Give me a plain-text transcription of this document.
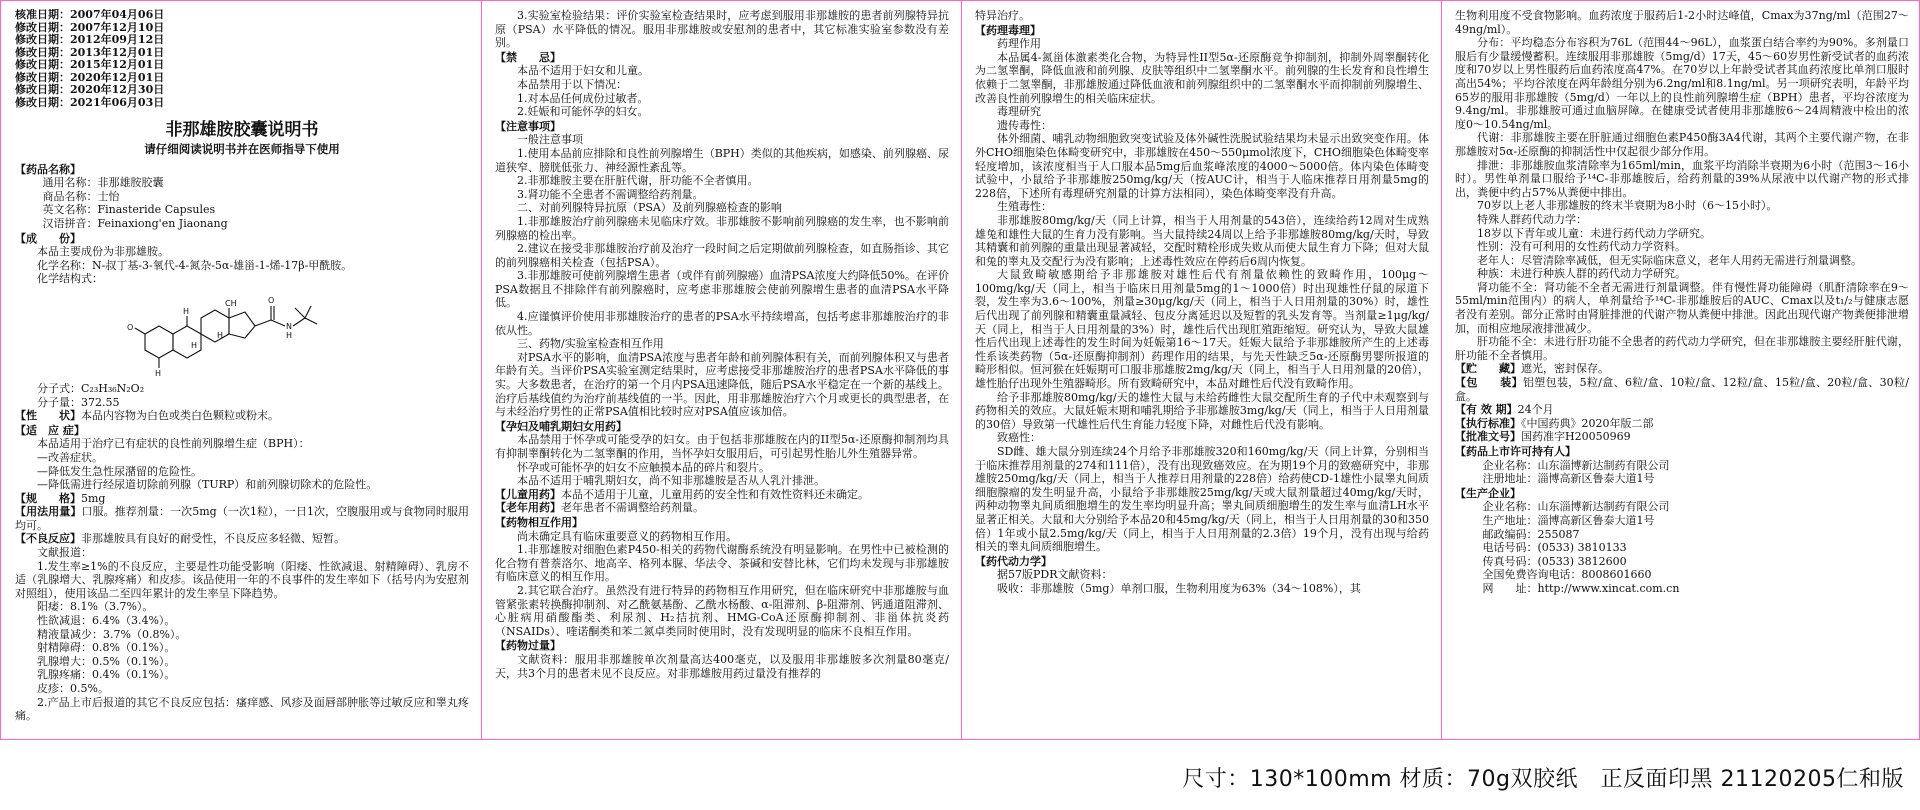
核准日期：2007年04月06日

修改日期：2007年12月10日

修改日期：2012年09月12日

修改日期：2013年12月01日

修改日期：2015年12月01日

修改日期：2020年12月01日

修改日期：2020年12月30日

修改日期：2021年06月03日

非那雄胺胶囊说明书

请仔细阅读说明书并在医师指导下使用

【 药品名称 】

通用名称：非那雄胺胶囊

商品名称：士怡

英文名称：Finasteride Capsules

汉语拼音：Feinaxiong'en Jiaonang

【 成　　份 】

本品主要成份为非那雄胺。

化学名称：N-叔丁基-3-氧代-4-氮杂-5α-雄甾-1-烯-17β-甲酰胺。

化学结构式：

O
H
O
N
H
H
H
H
CH

分子式：C₂₃H₃₆N₂O₂

分子量：372.55

【 性　　状 】 本品内容物为白色或类白色颗粒或粉末。

【 适　应 症 】

本品适用于治疗已有症状的良性前列腺增生症（BPH）：

—改善症状。

—降低发生急性尿潴留的危险性。

—降低需进行经尿道切除前列腺（TURP）和前列腺切除术的危险性。

【 规　　格 】 5mg

【 用法用量 】 口服。推荐剂量：一次5mg（一次1粒），一日1次，空腹服用或与食物同时服用均可。

【 不良反应 】 非那雄胺具有良好的耐受性，不良反应多轻微、短暂。

文献报道：

1.发生率≥1%的不良反应，主要是性功能受影响（阳痿、性欲减退、射精障碍）、乳房不适（乳腺增大、乳腺疼痛）和皮疹。该品使用一年的不良事件的发生率如下（括号内为安慰剂对照组），使用该品二至四年累计的发生率呈下降趋势。

阳痿：8.1%（3.7%）。

性欲减退：6.4%（3.4%）。

精液量减少：3.7%（0.8%）。

射精障碍：0.8%（0.1%）。

乳腺增大：0.5%（0.1%）。

乳腺疼痛：0.4%（0.1%）。

皮疹：0.5%。

2.产品上市后报道的其它不良反应包括：瘙痒感、风疹及面唇部肿胀等过敏反应和睾丸疼痛。

3.实验室检验结果：评价实验室检查结果时，应考虑到服用非那雄胺的患者前列腺特异抗原（PSA）水平降低的情况。服用非那雄胺或安慰剂的患者中，其它标准实验室参数没有差别。

【 禁　　忌 】

本品不适用于妇女和儿童。

本品禁用于以下情况：

1.对本品任何成份过敏者。

2.妊娠和可能怀孕的妇女。

【 注意事项 】

一般注意事项

1.使用本品前应排除和良性前列腺增生（BPH）类似的其他疾病，如感染、前列腺癌、尿道狭窄、膀胱低张力、神经源性紊乱等。

2.非那雄胺主要在肝脏代谢，肝功能不全者慎用。

3.肾功能不全患者不需调整给药剂量。

二、对前列腺特异抗原（PSA）及前列腺癌检查的影响

1.非那雄胺治疗前列腺癌未见临床疗效。非那雄胺不影响前列腺癌的发生率，也不影响前列腺癌的检出率。

2.建议在接受非那雄胺治疗前及治疗一段时间之后定期做前列腺检查，如直肠指诊、其它的前列腺癌相关检查（包括PSA）。

3.非那雄胺可使前列腺增生患者（或伴有前列腺癌）血清PSA浓度大约降低50%。在评价PSA数据且不排除伴有前列腺癌时，应考虑非那雄胺会使前列腺增生患者的血清PSA水平降低。

4.应谨慎评价使用非那雄胺治疗的患者的PSA水平持续增高，包括考虑非那雄胺治疗的非依从性。

三、药物/实验室检查相互作用

对PSA水平的影响，血清PSA浓度与患者年龄和前列腺体积有关，而前列腺体积又与患者年龄有关。当评价PSA实验室测定结果时，应考虑接受非那雄胺治疗的患者PSA水平降低的事实。大多数患者，在治疗的第一个月内PSA迅速降低，随后PSA水平稳定在一个新的基线上。治疗后基线值约为治疗前基线值的一半。因此，用非那雄胺治疗六个月或更长的典型患者，在与未经治疗男性的正常PSA值相比较时应对PSA值应该加倍。

【 孕妇及哺乳期妇女用药 】

本品禁用于怀孕或可能受孕的妇女。由于包括非那雄胺在内的II型5α-还原酶抑制剂均具有抑制睾酮转化为二氢睾酮的作用，当怀孕妇女服用后，可引起男性胎儿外生殖器异常。

怀孕或可能怀孕的妇女不应触摸本品的碎片和裂片。

本品不适用于哺乳期妇女，尚不知非那雄胺是否从人乳汁排泄。

【 儿童用药 】 本品不适用于儿童，儿童用药的安全性和有效性资料还未确定。

【 老年用药 】 老年患者不需调整给药剂量。

【 药物相互作用 】

尚未确定具有临床重要意义的药物相互作用。

1.非那雄胺对细胞色素P450-相关的药物代谢酶系统没有明显影响。在男性中已被检测的化合物有普萘洛尔、地高辛、格列本脲、华法令、茶碱和安替比林，它们均未发现与非那雄胺有临床意义的相互作用。

2.其它联合治疗。虽然没有进行特异的药物相互作用研究，但在临床研究中非那雄胺与血管紧张素转换酶抑制剂、对乙酰氨基酚、乙酰水杨酸、α-阻滞剂、β-阻滞剂、钙通道阻滞剂、心脏病用硝酸酯类、利尿剂、H₂拮抗剂、HMG-CoA还原酶抑制剂、非甾体抗炎药（NSAIDs）、喹诺酮类和苯二氮卓类同时使用时，没有发现明显的临床不良相互作用。

【 药物过量 】

文献资料：服用非那雄胺单次剂量高达400毫克，以及服用非那雄胺多次剂量80毫克/天，共3个月的患者未见不良反应。对非那雄胺用药过量没有推荐的

特异治疗。

【 药理毒理 】

药理作用

本品属4-氮甾体激素类化合物，为特异性II型5α-还原酶竞争抑制剂，抑制外周睾酮转化为二氢睾酮，降低血液和前列腺、皮肤等组织中二氢睾酮水平。前列腺的生长发育和良性增生依赖于二氢睾酮，非那雄胺通过降低血液和前列腺组织中的二氢睾酮水平而抑制前列腺增生、改善良性前列腺增生的相关临床症状。

毒理研究

遗传毒性：

体外细菌、哺乳动物细胞致突变试验及体外碱性洗脱试验结果均未显示出致突变作用。体外CHO细胞染色体畸变研究中，非那雄胺在450～550μmol浓度下，CHO细胞染色体畸变率轻度增加，该浓度相当于人口服本品5mg后血浆峰浓度的4000～5000倍。体内染色体畸变试验中，小鼠给予非那雄胺250mg/kg/天（按AUC计，相当于人临床推荐日用剂量5mg的228倍，下述所有毒理研究剂量的计算方法相同），染色体畸变率没有升高。

生殖毒性：

非那雄胺80mg/kg/天（同上计算，相当于人用剂量的543倍），连续给药12周对生成熟雄兔和雄性大鼠的生育力没有影响。当大鼠持续24周以上给予非那雄胺80mg/kg/天时，导致其精囊和前列腺的重量出现显著减轻，交配时精栓形成失败从而使大鼠生育力下降；但对大鼠和兔的睾丸及交配行为没有影响；上述毒性效应在停药后6周内恢复。

大鼠致畸敏感期给予非那雄胺对雄性后代有剂量依赖性的致畸作用，100μg～100mg/kg/天（同上，相当于临床日用剂量5mg的1～1000倍）时出现雄性仔鼠的尿道下裂，发生率为3.6～100%，剂量≥30μg/kg/天（同上，相当于人日用剂量的30%）时，雄性后代出现了前列腺和精囊重量减轻、包皮分离延迟以及短暂的乳头发育等。当剂量≥1μg/kg/天（同上，相当于人日用剂量的3%）时，雄性后代出现肛殖距缩短。研究认为，导致大鼠雄性后代出现上述毒性的发生时间为妊娠第16～17天。妊娠大鼠给予非那雄胺所产生的上述毒性系该类药物（5α-还原酶抑制剂）药理作用的结果，与先天性缺乏5α-还原酶男婴所报道的畸形相似。恒河猴在妊娠期可口服非那雄胺2mg/kg/天（同上，相当于人日用剂量的20倍），雄性胎仔出现外生殖器畸形。所有致畸研究中，本品对雌性后代没有致畸作用。

给予非那雄胺80mg/kg/天的雄性大鼠与未给药雌性大鼠交配所生育的子代中未观察到与药物相关的效应。大鼠妊娠末期和哺乳期给予非那雄胺3mg/kg/天（同上，相当于人日用剂量的30倍）导致第一代雄性后代生育能力轻度下降，对雌性后代没有影响。

致癌性：

SD雌、雄大鼠分别连续24个月给予非那雄胺320和160mg/kg/天（同上计算，分别相当于临床推荐用剂量的274和111倍），没有出现致癌效应。在为期19个月的致癌研究中，非那雄胺250mg/kg/天（同上，相当于人推荐日用剂量的228倍）给药使CD-1雄性小鼠睾丸间质细胞腺瘤的发生明显升高，小鼠给予非那雄胺25mg/kg/天或大鼠剂量超过40mg/kg/天时，两种动物睾丸间质细胞增生的发生率均明显升高；睾丸间质细胞增生的发生率与血清LH水平显著正相关。大鼠和大分别给予本品20和45mg/kg/天（同上，相当于人日用剂量的30和350倍）1年或小鼠2.5mg/kg/天（同上，相当于人日用剂量的2.3倍）19个月，没有出现与给药相关的睾丸间质细胞增生。

【 药代动力学 】

据57版PDR文献资料：

吸收：非那雄胺（5mg）单剂口服，生物利用度为63%（34～108%），其

生物利用度不受食物影响。血药浓度于服药后1-2小时达峰值，Cmax为37ng/ml（范围27～49ng/ml）。

分布：平均稳态分布容积为76L（范围44～96L），血浆蛋白结合率约为90%。多剂量口服后有少量缓慢蓄积。连续服用非那雄胺（5mg/d）17天，45～60岁男性新受试者的血药浓度和70岁以上男性服药后血药浓度高47%。在70岁以上年龄受试者其血药浓度比单剂口服时高出54%；平均谷浓度在两年龄组分别为6.2ng/ml和8.1ng/ml。另一项研究表明，年龄平均65岁的服用非那雄胺（5mg/d）一年以上的良性前列腺增生症（BPH）患者，平均谷浓度为9.4ng/ml。非那雄胺可通过血脑屏障。在健康受试者使用非那雄胺6～24周精液中检出的浓度0～10.54ng/ml。

代谢：非那雄胺主要在肝脏通过细胞色素P450酶3A4代谢，其两个主要代谢产物，在非那雄胺对5α-还原酶的抑制活性中仅起很少部分作用。

排泄：非那雄胺血浆清除率为165ml/min，血浆平均消除半衰期为6小时（范围3～16小时）。男性单剂量口服给予¹⁴C-非那雄胺后，给药剂量的39%从尿液中以代谢产物的形式排出，粪便中约占57%从粪便中排出。

70岁以上老人非那雄胺的终末半衰期为8小时（6～15小时）。

特殊人群药代动力学：

18岁以下青年或儿童：未进行药代动力学研究。

性别：没有可利用的女性药代动力学资料。

老年人：尽管清除率减低，但无实际临床意义，老年人用药无需进行剂量调整。

种族：未进行种族人群的药代动力学研究。

肾功能不全：肾功能不全者无需进行剂量调整。伴有慢性肾功能障碍（肌酐清除率在9～55ml/min范围内）的病人，单剂量给予¹⁴C-非那雄胺后的AUC、Cmax以及t₁/₂与健康志愿者没有差别。部分正常时由肾脏排泄的代谢产物从粪便中排泄。因此出现代谢产物粪便排泄增加，而相应地尿液排泄减少。

肝功能不全：未进行肝功能不全患者的药代动力学研究，但在非那雄胺主要经肝脏代谢，肝功能不全者慎用。

【 贮　　藏 】 遮光，密封保存。

【 包　　装 】 铝塑包装，5粒/盒、6粒/盒、10粒/盒、12粒/盒、15粒/盒、20粒/盒、30粒/盒。

【 有 效 期 】 24个月

【 执行标准 】 《中国药典》2020年版二部

【 批准文号 】 国药准字H20050969

【 药品上市许可持有人 】

企业名称：山东淄博新达制药有限公司

注册地址：淄博高新区鲁泰大道1号

【 生产企业 】

企业名称：山东淄博新达制药有限公司

生产地址：淄博高新区鲁泰大道1号

邮政编码：255087

电话号码：(0533) 3810133

传真号码：(0533) 3812600

全国免费咨询电话：8008601660

网　　址：http://www.xincat.com.cn

尺寸：130*100mm 材质：70g双胶纸　正反面印黑 21120205仁和版
